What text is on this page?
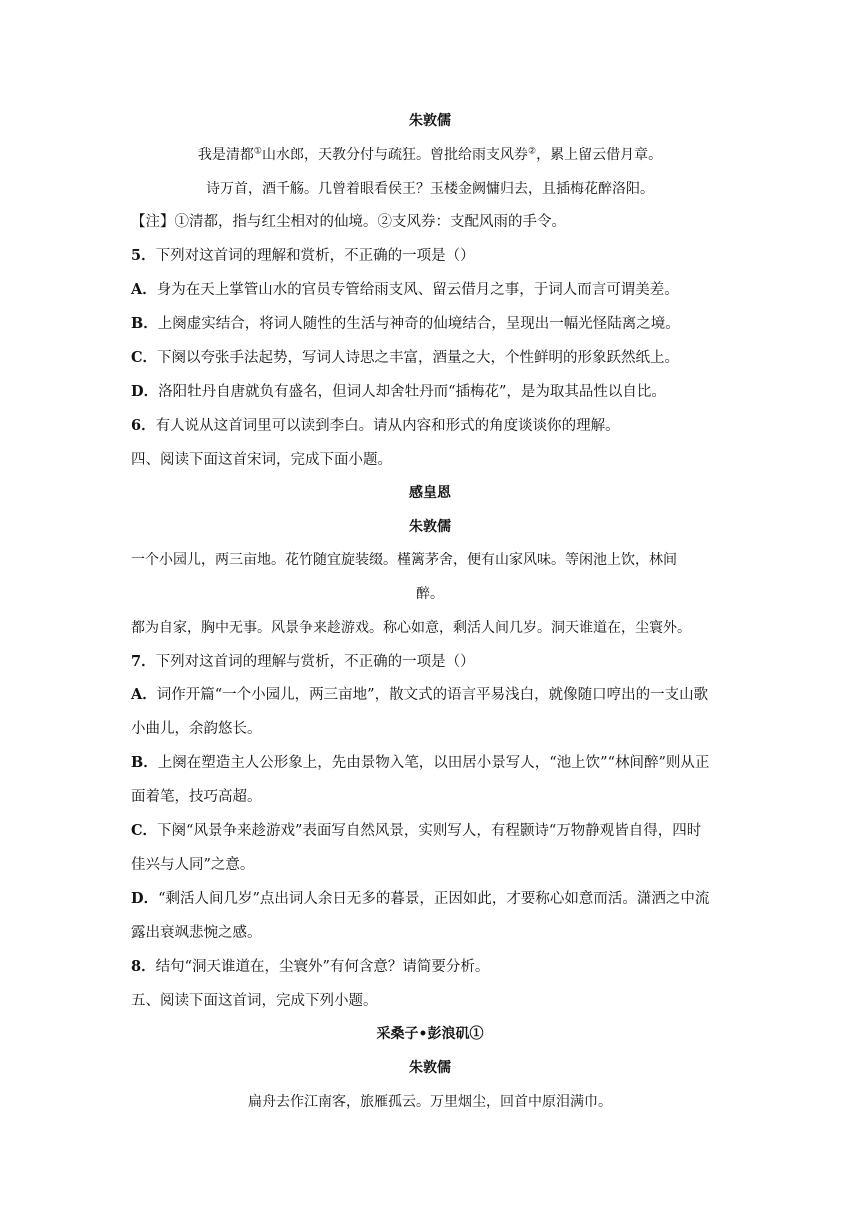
朱敦儒
我是清都①山水郎，天教分付与疏狂。曾批给雨支风券②，累上留云借月章。
诗万首，酒千觞。几曾着眼看侯王？玉楼金阙慵归去，且插梅花醉洛阳。
【注】①清都，指与红尘相对的仙境。②支风券：支配风雨的手令。
5．下列对这首词的理解和赏析，不正确的一项是（）
A．身为在天上掌管山水的官员专管给雨支风、留云借月之事，于词人而言可谓美差。
B．上阕虚实结合，将词人随性的生活与神奇的仙境结合，呈现出一幅光怪陆离之境。
C．下阕以夸张手法起势，写词人诗思之丰富，酒量之大，个性鲜明的形象跃然纸上。
D．洛阳牡丹自唐就负有盛名，但词人却舍牡丹而“插梅花”，是为取其品性以自比。
6．有人说从这首词里可以读到李白。请从内容和形式的角度谈谈你的理解。
四、阅读下面这首宋词，完成下面小题。
感皇恩
朱敦儒
一个小园儿，两三亩地。花竹随宜旋装缀。槿篱茅舍，便有山家风味。等闲池上饮，林间
醉。
都为自家，胸中无事。风景争来趁游戏。称心如意，剩活人间几岁。洞天谁道在，尘寰外。
7．下列对这首词的理解与赏析，不正确的一项是（）
A．词作开篇“一个小园儿，两三亩地”，散文式的语言平易浅白，就像随口哼出的一支山歌
小曲儿，余韵悠长。
B．上阕在塑造主人公形象上，先由景物入笔，以田居小景写人，“池上饮”“林间醉”则从正
面着笔，技巧高超。
C．下阕“风景争来趁游戏”表面写自然风景，实则写人，有程颢诗“万物静观皆自得，四时
佳兴与人同”之意。
D．“剩活人间几岁”点出词人余日无多的暮景，正因如此，才要称心如意而活。潇洒之中流
露出衰飒悲惋之感。
8．结句“洞天谁道在，尘寰外”有何含意？请简要分析。
五、阅读下面这首词，完成下列小题。
采桑子•彭浪矶①
朱敦儒
扁舟去作江南客，旅雁孤云。万里烟尘，回首中原泪满巾。
